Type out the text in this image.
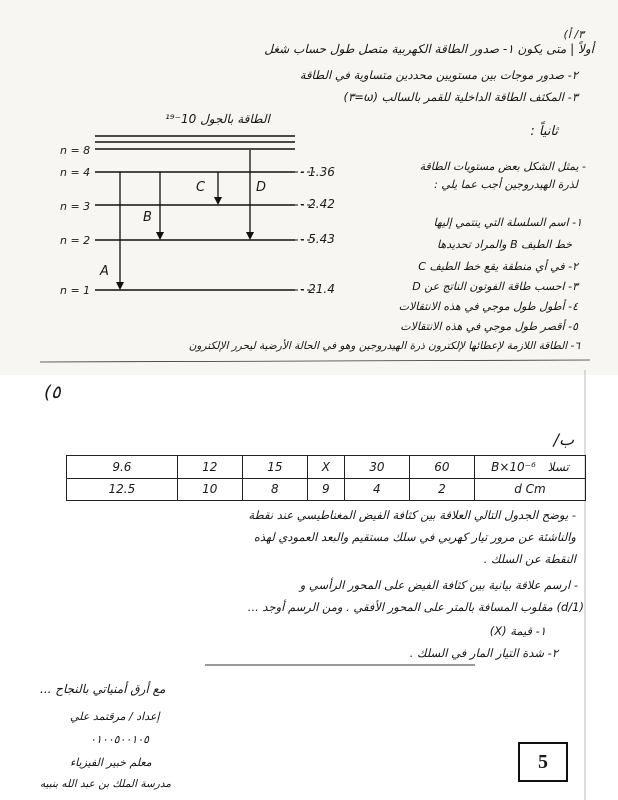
أولاً | متى يكون ١- صدور الطاقة الكهربية متصل طول حساب شغل
٣/ أ)
٢- صدور موجات بين مستويين محددين متساوية في الطاقة
٣- المكثف الطاقة الداخلية للقمر بالسالب (ω=٣)
الطاقة بالجول 10⁻¹⁹
n = 8
n = 4
n = 3
n = 2
n = 1
- 1.36
- 2.42
- 5.43
- 21.4
A
B
C	D
ثانياً :
- يمثل الشكل بعض مستويات الطاقة
لذرة الهيدروجين أجب عما يلي :
١- اسم السلسلة التي ينتمي إليها
خط الطيف B والمراد تحديدها
٢- في أي منطقة يقع خط الطيف C
٣- احسب طاقة الفوتون الناتج عن D
٤- أطول طول موجي في هذه الانتقالات
٥- أقصر طول موجي في هذه الانتقالات
٦- الطاقة اللازمة لإعطائها لإلكترون ذرة الهيدروجين وهو في الحالة الأرضية ليحرر الإلكترون
٥)
ب/
9.6	12	15	X	30	60	B×10⁻⁶ تسلا
12.5	10	8	9	4	2	d Cm
- يوضح الجدول التالي العلاقة بين كثافة الفيض المغناطيسي عند نقطة
والناشئة عن مرور تيار كهربي في سلك مستقيم والبعد العمودي لهذه
النقطة عن السلك .
- ارسم علاقة بيانية بين كثافة الفيض على المحور الرأسي و
(1/d) مقلوب المسافة بالمتر على المحور الأفقي . ومن الرسم أوجد ...
١- قيمة (X)
٢- شدة التيار المار في السلك .
مع أرق أمنياتي بالنجاح ...
إعداد / مرقتمد علي
٠١٠٠٥٠٠١٠٥
معلم خبير الفيزياء
مدرسة الملك بن عبد الله بنبيه
5
